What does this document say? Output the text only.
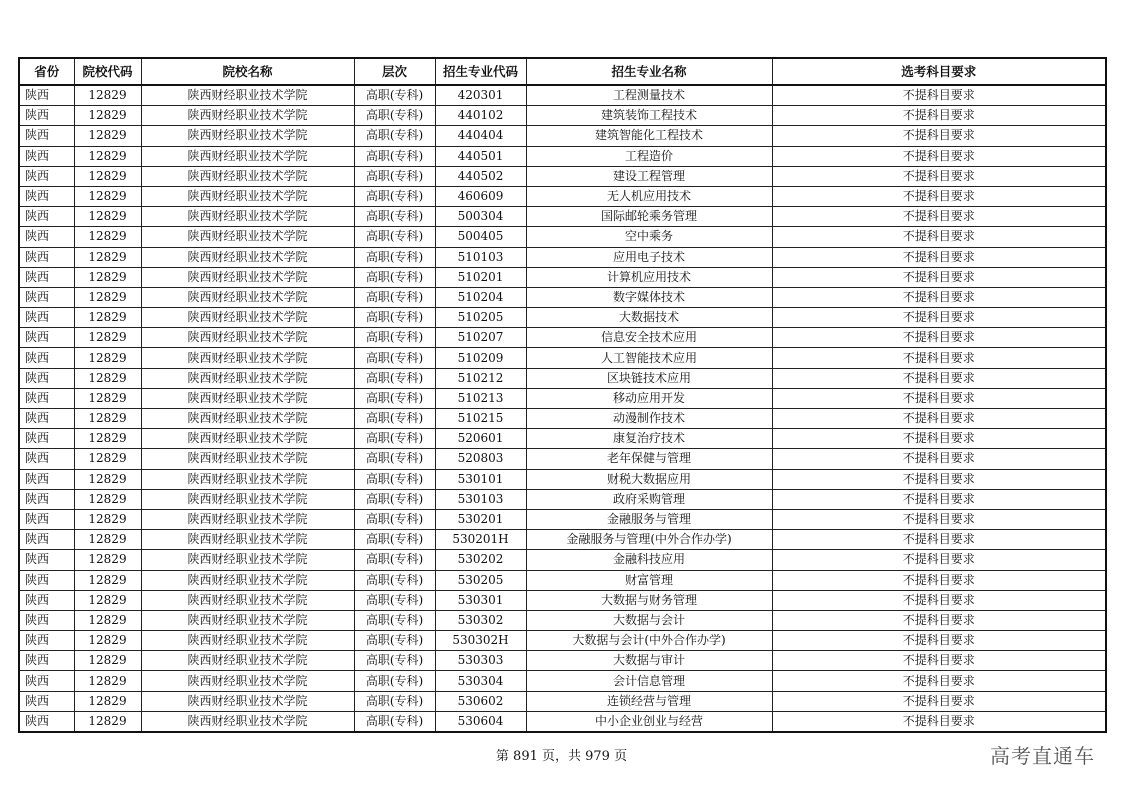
省份	院校代码	院校名称	层次	招生专业代码	招生专业名称	选考科目要求
陕西	12829	陕西财经职业技术学院	高职(专科)	420301	工程测量技术	不提科目要求
陕西	12829	陕西财经职业技术学院	高职(专科)	440102	建筑装饰工程技术	不提科目要求
陕西	12829	陕西财经职业技术学院	高职(专科)	440404	建筑智能化工程技术	不提科目要求
陕西	12829	陕西财经职业技术学院	高职(专科)	440501	工程造价	不提科目要求
陕西	12829	陕西财经职业技术学院	高职(专科)	440502	建设工程管理	不提科目要求
陕西	12829	陕西财经职业技术学院	高职(专科)	460609	无人机应用技术	不提科目要求
陕西	12829	陕西财经职业技术学院	高职(专科)	500304	国际邮轮乘务管理	不提科目要求
陕西	12829	陕西财经职业技术学院	高职(专科)	500405	空中乘务	不提科目要求
陕西	12829	陕西财经职业技术学院	高职(专科)	510103	应用电子技术	不提科目要求
陕西	12829	陕西财经职业技术学院	高职(专科)	510201	计算机应用技术	不提科目要求
陕西	12829	陕西财经职业技术学院	高职(专科)	510204	数字媒体技术	不提科目要求
陕西	12829	陕西财经职业技术学院	高职(专科)	510205	大数据技术	不提科目要求
陕西	12829	陕西财经职业技术学院	高职(专科)	510207	信息安全技术应用	不提科目要求
陕西	12829	陕西财经职业技术学院	高职(专科)	510209	人工智能技术应用	不提科目要求
陕西	12829	陕西财经职业技术学院	高职(专科)	510212	区块链技术应用	不提科目要求
陕西	12829	陕西财经职业技术学院	高职(专科)	510213	移动应用开发	不提科目要求
陕西	12829	陕西财经职业技术学院	高职(专科)	510215	动漫制作技术	不提科目要求
陕西	12829	陕西财经职业技术学院	高职(专科)	520601	康复治疗技术	不提科目要求
陕西	12829	陕西财经职业技术学院	高职(专科)	520803	老年保健与管理	不提科目要求
陕西	12829	陕西财经职业技术学院	高职(专科)	530101	财税大数据应用	不提科目要求
陕西	12829	陕西财经职业技术学院	高职(专科)	530103	政府采购管理	不提科目要求
陕西	12829	陕西财经职业技术学院	高职(专科)	530201	金融服务与管理	不提科目要求
陕西	12829	陕西财经职业技术学院	高职(专科)	530201H	金融服务与管理(中外合作办学)	不提科目要求
陕西	12829	陕西财经职业技术学院	高职(专科)	530202	金融科技应用	不提科目要求
陕西	12829	陕西财经职业技术学院	高职(专科)	530205	财富管理	不提科目要求
陕西	12829	陕西财经职业技术学院	高职(专科)	530301	大数据与财务管理	不提科目要求
陕西	12829	陕西财经职业技术学院	高职(专科)	530302	大数据与会计	不提科目要求
陕西	12829	陕西财经职业技术学院	高职(专科)	530302H	大数据与会计(中外合作办学)	不提科目要求
陕西	12829	陕西财经职业技术学院	高职(专科)	530303	大数据与审计	不提科目要求
陕西	12829	陕西财经职业技术学院	高职(专科)	530304	会计信息管理	不提科目要求
陕西	12829	陕西财经职业技术学院	高职(专科)	530602	连锁经营与管理	不提科目要求
陕西	12829	陕西财经职业技术学院	高职(专科)	530604	中小企业创业与经营	不提科目要求
第 891 页，共 979 页	高考直通车
